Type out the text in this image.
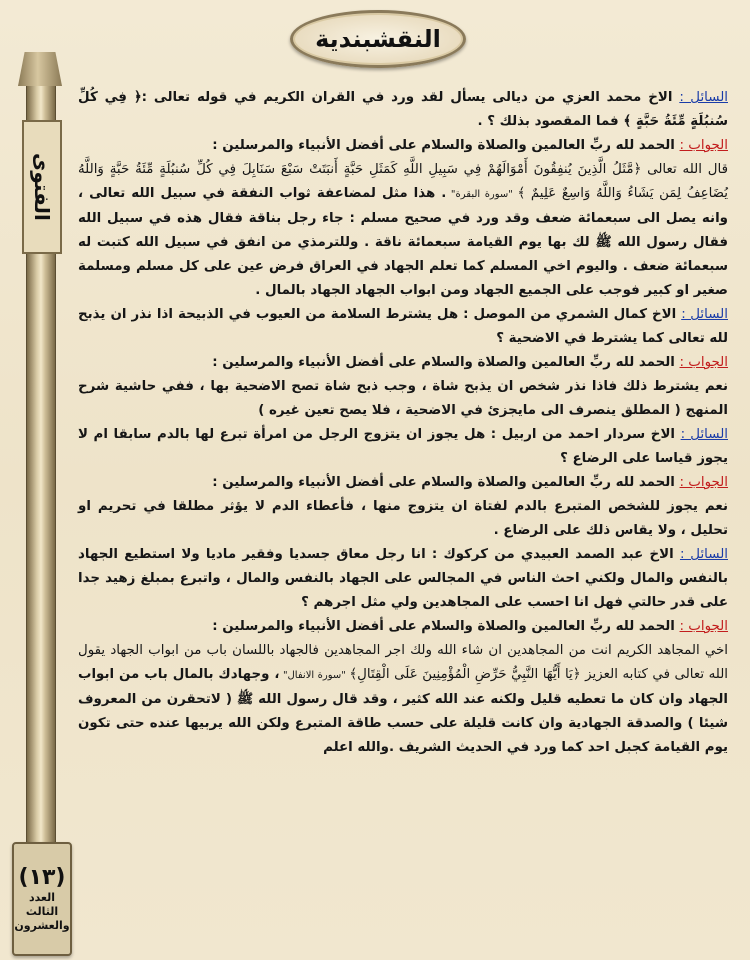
النقشبندية
الفتوى
(١٣)
العدد
الثالث
والعشرون

السائل : الاخ محمد العزي من ديالى يسأل لقد ورد في القران الكريم في قوله تعالى :﴿ فِي كُلِّ سُنبُلَةٍ مِّئَةُ حَبَّةٍ ﴾ فما المقصود بذلك ؟ .

الجواب : الحمد لله ربِّ العالمين والصلاة والسلام على أفضل الأنبياء والمرسلين :

قال الله تعالى ﴿مَّثَلُ الَّذِينَ يُنفِقُونَ أَمْوَالَهُمْ فِي سَبِيلِ اللَّهِ كَمَثَلِ حَبَّةٍ أَنبَتَتْ سَبْعَ سَنَابِلَ فِي كُلِّ سُنبُلَةٍ مِّئَةُ حَبَّةٍ وَاللَّهُ يُضَاعِفُ لِمَن يَشَاءُ وَاللَّهُ وَاسِعٌ عَلِيمٌ ﴾ "سورة البقرة" . هذا مثل لمضاعفة ثواب النفقة في سبيل الله تعالى ، وانه يصل الى سبعمائة ضعف وقد ورد في صحيح مسلم : جاء رجل بناقة فقال هذه في سبيل الله فقال رسول الله ﷺ لك بها يوم القيامة سبعمائة ناقة . وللترمذي من انفق في سبيل الله كتبت له سبعمائة ضعف . واليوم اخي المسلم كما تعلم الجهاد في العراق فرض عين على كل مسلم ومسلمة صغير او كبير فوجب على الجميع الجهاد ومن ابواب الجهاد الجهاد بالمال .

السائل : الاخ كمال الشمري من الموصل : هل يشترط السلامة من العيوب في الذبيحة اذا نذر ان يذبح لله تعالى كما يشترط في الاضحية ؟

الجواب : الحمد لله ربِّ العالمين والصلاة والسلام على أفضل الأنبياء والمرسلين :

نعم يشترط ذلك فاذا نذر شخص ان يذبح شاة ، وجب ذبح شاة تصح الاضحية بها ، ففي حاشية شرح المنهج ( المطلق ينصرف الى مايجزئ في الاضحية ، فلا يصح تعين غيره )

السائل : الاخ سردار احمد من اربيل : هل يجوز ان يتزوج الرجل من امرأة تبرع لها بالدم سابقا ام لا يجوز قياسا على الرضاع ؟

الجواب : الحمد لله ربِّ العالمين والصلاة والسلام على أفضل الأنبياء والمرسلين :

نعم يجوز للشخص المتبرع بالدم لفتاة ان يتزوج منها ، فأعطاء الدم لا يؤثر مطلقا في تحريم او تحليل ، ولا يقاس ذلك على الرضاع .

السائل : الاخ عبد الصمد العبيدي من كركوك : انا رجل معاق جسديا وفقير ماديا ولا استطيع الجهاد بالنفس والمال ولكني احث الناس في المجالس على الجهاد بالنفس والمال ، واتبرع بمبلغ زهيد جدا على قدر حالتي فهل انا احسب على المجاهدين ولي مثل اجرهم ؟

الجواب : الحمد لله ربِّ العالمين والصلاة والسلام على أفضل الأنبياء والمرسلين :

اخي المجاهد الكريم انت من المجاهدين ان شاء الله ولك اجر المجاهدين فالجهاد باللسان باب من ابواب الجهاد يقول الله تعالى في كتابه العزيز ﴿يَا أَيُّهَا النَّبِيُّ حَرِّضِ الْمُؤْمِنِينَ عَلَى الْقِتَالِ﴾ "سورة الانفال" ، وجهادك بالمال باب من ابواب الجهاد وان كان ما تعطيه قليل ولكنه عند الله كثير ، وقد قال رسول الله ﷺ ( لاتحقرن من المعروف شيئا ) والصدقة الجهادية وان كانت قليلة على حسب طاقة المتبرع ولكن الله يربيها عنده حتى تكون يوم القيامة كجبل احد كما ورد في الحديث الشريف .والله اعلم
